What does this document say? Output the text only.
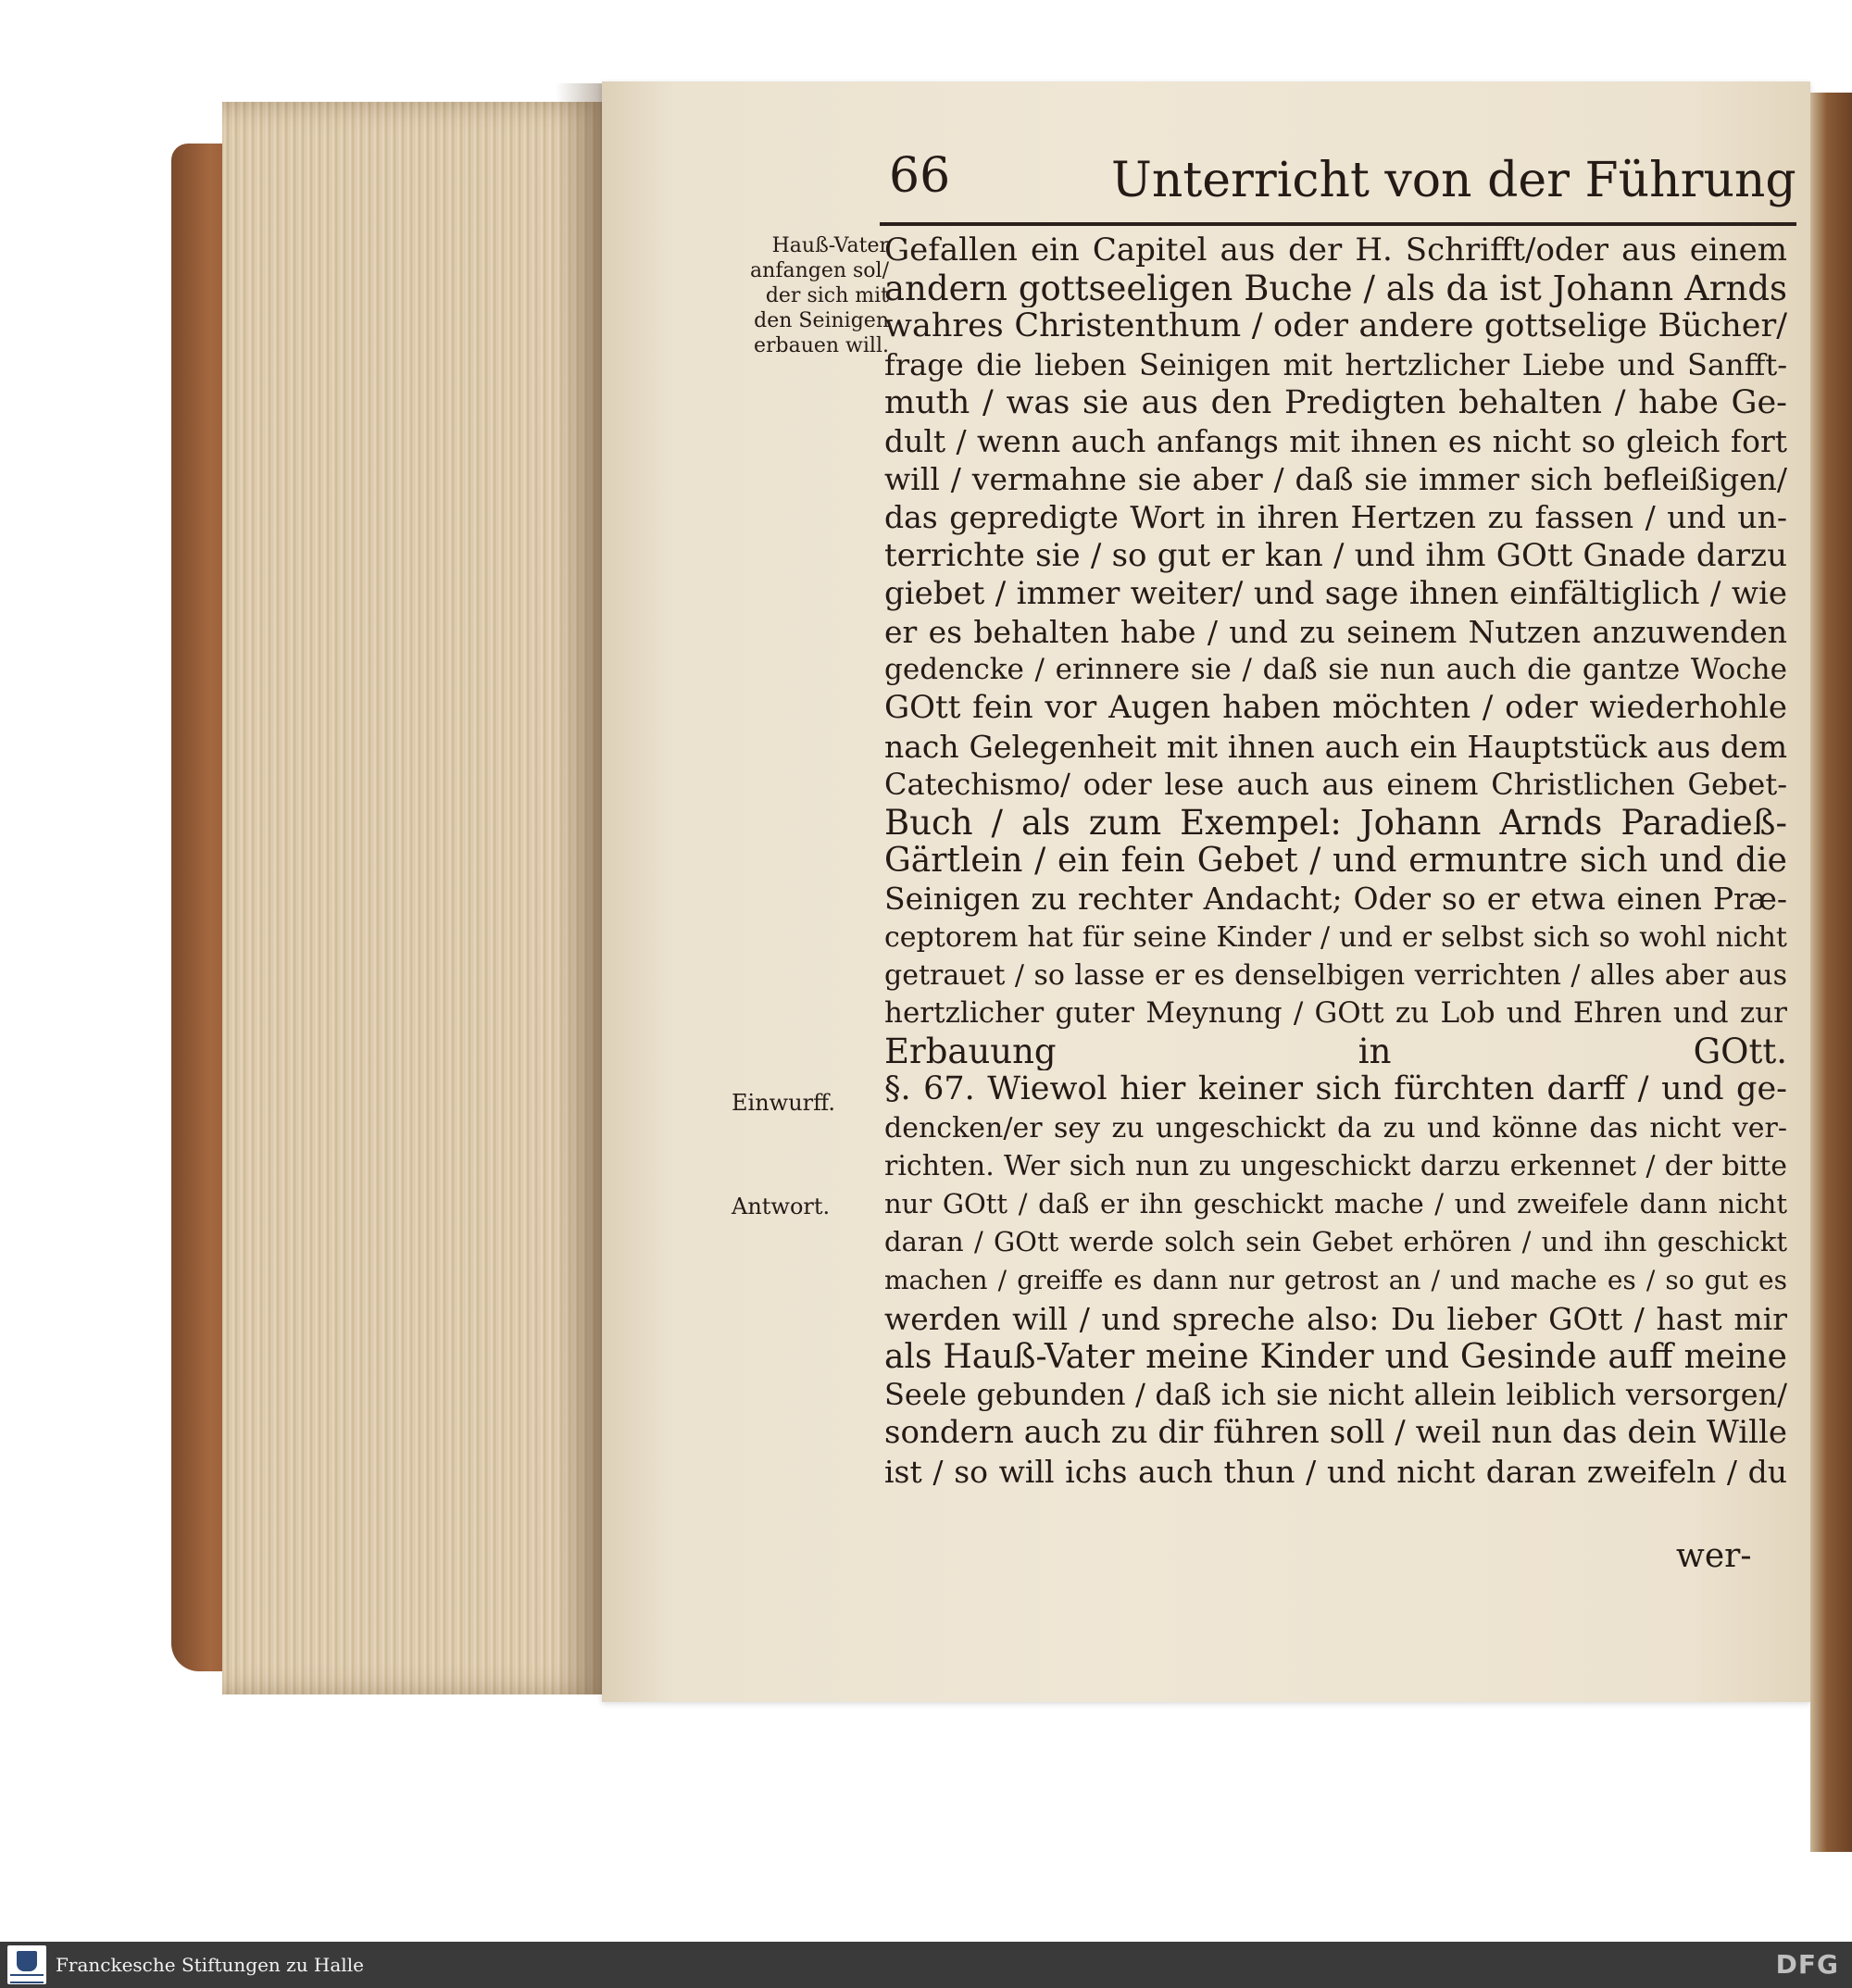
66	Unterricht von der Führung
Hauß-Vater
anfangen sol/
der sich mit
den Seinigen
erbauen will.
Einwurff.
Antwort.
Gefallen ein Capitel aus der H. Schrifft/oder aus einem
andern gottseeligen Buche / als da ist Johann Arnds
wahres Christenthum / oder andere gottselige Bücher/
frage die lieben Seinigen mit hertzlicher Liebe und Sanfft-
muth / was sie aus den Predigten behalten / habe Ge-
dult / wenn auch anfangs mit ihnen es nicht so gleich fort
will / vermahne sie aber / daß sie immer sich befleißigen/
das gepredigte Wort in ihren Hertzen zu fassen / und un-
terrichte sie / so gut er kan / und ihm GOtt Gnade darzu
giebet / immer weiter/ und sage ihnen einfältiglich / wie
er es behalten habe / und zu seinem Nutzen anzuwenden
gedencke / erinnere sie / daß sie nun auch die gantze Woche
GOtt fein vor Augen haben möchten / oder wiederhohle
nach Gelegenheit mit ihnen auch ein Hauptstück aus dem
Catechismo/ oder lese auch aus einem Christlichen Gebet-
Buch / als zum Exempel: Johann Arnds Paradieß-
Gärtlein / ein fein Gebet / und ermuntre sich und die
Seinigen zu rechter Andacht; Oder so er etwa einen Præ-
ceptorem hat für seine Kinder / und er selbst sich so wohl nicht
getrauet / so lasse er es denselbigen verrichten / alles aber aus
hertzlicher guter Meynung / GOtt zu Lob und Ehren und zur
Erbauung in GOtt.
§. 67. Wiewol hier keiner sich fürchten darff / und ge-
dencken/er sey zu ungeschickt da zu und könne das nicht ver-
richten. Wer sich nun zu ungeschickt darzu erkennet / der bitte
nur GOtt / daß er ihn geschickt mache / und zweifele dann nicht
daran / GOtt werde solch sein Gebet erhören / und ihn geschickt
machen / greiffe es dann nur getrost an / und mache es / so gut es
werden will / und spreche also: Du lieber GOtt / hast mir
als Hauß-Vater meine Kinder und Gesinde auff meine
Seele gebunden / daß ich sie nicht allein leiblich versorgen/
sondern auch zu dir führen soll / weil nun das dein Wille
ist / so will ichs auch thun / und nicht daran zweifeln / du
wer-
Franckesche Stiftungen zu Halle	DFG
